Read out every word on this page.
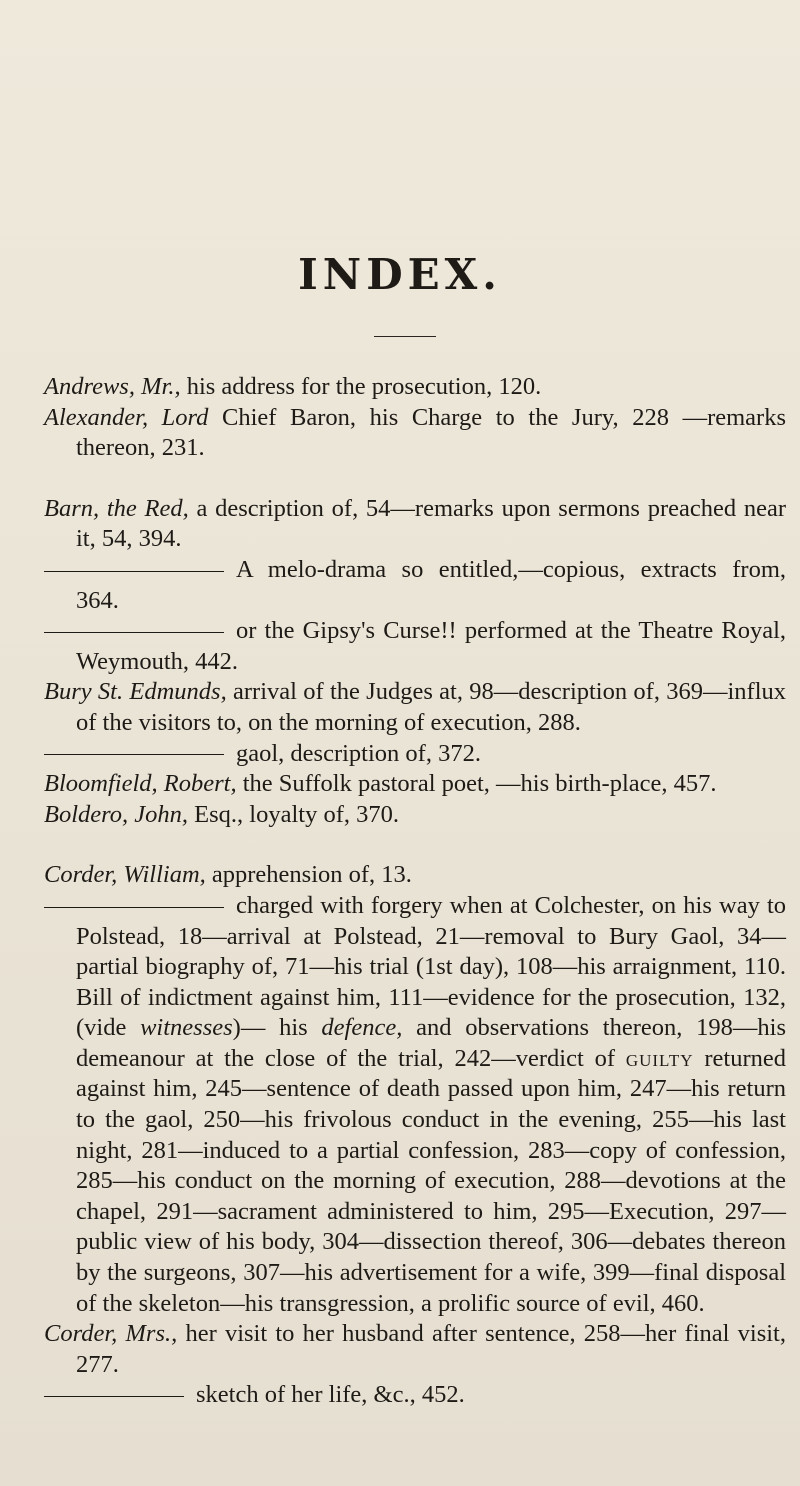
INDEX.

Andrews, Mr., his address for the prosecution, 120.

Alexander, Lord Chief Baron, his Charge to the Jury, 228 —remarks thereon, 231.

Barn, the Red, a description of, 54—remarks upon sermons preached near it, 54, 394.

A melo-drama so entitled,—copious, extracts from, 364.

or the Gipsy's Curse!! performed at the Theatre Royal, Weymouth, 442.

Bury St. Edmunds, arrival of the Judges at, 98—description of, 369—influx of the visitors to, on the morning of execution, 288.

gaol, description of, 372.

Bloomfield, Robert, the Suffolk pastoral poet, —his birth-place, 457.

Boldero, John, Esq., loyalty of, 370.

Corder, William, apprehension of, 13.

charged with forgery when at Colchester, on his way to Polstead, 18—arrival at Polstead, 21—removal to Bury Gaol, 34—partial biography of, 71—his trial (1st day), 108—his arraignment, 110. Bill of indictment against him, 111—evidence for the prosecution, 132, (vide witnesses)— his defence, and observations thereon, 198—his demeanour at the close of the trial, 242—verdict of guilty returned against him, 245—sentence of death passed upon him, 247—his return to the gaol, 250—his frivolous conduct in the evening, 255—his last night, 281—induced to a partial confession, 283—copy of confession, 285—his conduct on the morning of execution, 288—devotions at the chapel, 291—sacrament administered to him, 295—Execution, 297—public view of his body, 304—dissection thereof, 306—debates thereon by the surgeons, 307—his advertisement for a wife, 399—final disposal of the skeleton—his transgression, a prolific source of evil, 460.

Corder, Mrs., her visit to her husband after sentence, 258—her final visit, 277.

sketch of her life, &c., 452.
